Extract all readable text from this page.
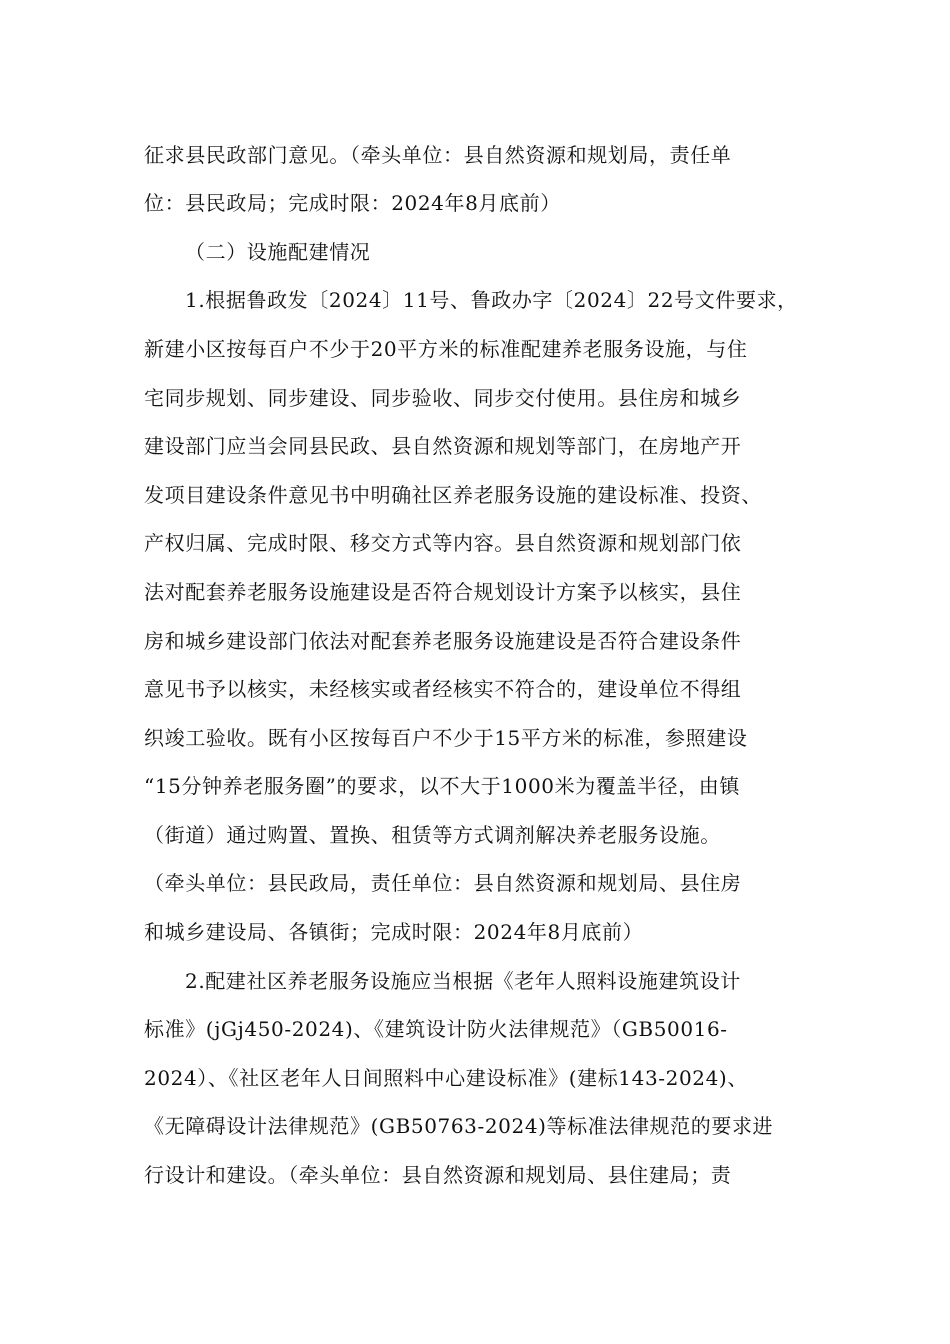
征求县民政部门意见。（牵头单位：县自然资源和规划局，责任单
位：县民政局；完成时限：2024年8月底前）
（二）设施配建情况
1.根据鲁政发〔2024〕11号、鲁政办字〔2024〕22号文件要求，
新建小区按每百户不少于20平方米的标准配建养老服务设施，与住
宅同步规划、同步建设、同步验收、同步交付使用。县住房和城乡
建设部门应当会同县民政、县自然资源和规划等部门，在房地产开
发项目建设条件意见书中明确社区养老服务设施的建设标准、投资、
产权归属、完成时限、移交方式等内容。县自然资源和规划部门依
法对配套养老服务设施建设是否符合规划设计方案予以核实，县住
房和城乡建设部门依法对配套养老服务设施建设是否符合建设条件
意见书予以核实，未经核实或者经核实不符合的，建设单位不得组
织竣工验收。既有小区按每百户不少于15平方米的标准，参照建设
“15分钟养老服务圈”的要求，以不大于1000米为覆盖半径，由镇
（街道）通过购置、置换、租赁等方式调剂解决养老服务设施。
（牵头单位：县民政局，责任单位：县自然资源和规划局、县住房
和城乡建设局、各镇街；完成时限：2024年8月底前）
2.配建社区养老服务设施应当根据《老年人照料设施建筑设计
标准》(jGj450-2024)、《建筑设计防火法律规范》（GB50016-
2024）、《社区老年人日间照料中心建设标准》(建标143-2024)、
《无障碍设计法律规范》(GB50763-2024)等标准法律规范的要求进
行设计和建设。（牵头单位：县自然资源和规划局、县住建局；责
